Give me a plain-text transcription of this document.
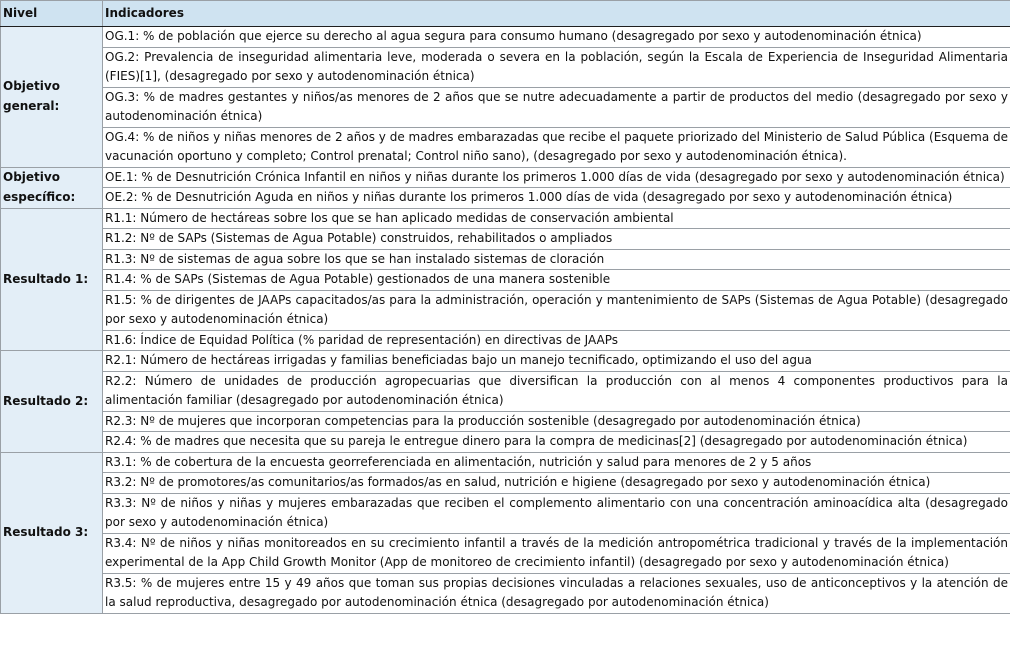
Nivel	Indicadores
Objetivo general:	OG.1: % de población que ejerce su derecho al agua segura para consumo humano (desagregado por sexo y autodenominación étnica)
	OG.2: Prevalencia de inseguridad alimentaria leve, moderada o severa en la población, según la Escala de Experiencia de Inseguridad Alimentaria (FIES)[1], (desagregado por sexo y autodenominación étnica)
	OG.3: % de madres gestantes y niños/as menores de 2 años que se nutre adecuadamente a partir de productos del medio (desagregado por sexo y autodenominación étnica)
	OG.4: % de niños y niñas menores de 2 años y de madres embarazadas que recibe el paquete priorizado del Ministerio de Salud Pública (Esquema de vacunación oportuno y completo; Control prenatal; Control niño sano), (desagregado por sexo y autodenominación étnica).
Objetivo específico:	OE.1: % de Desnutrición Crónica Infantil en niños y niñas durante los primeros 1.000 días de vida (desagregado por sexo y autodenominación étnica)
	OE.2: % de Desnutrición Aguda en niños y niñas durante los primeros 1.000 días de vida (desagregado por sexo y autodenominación étnica)
Resultado 1:	R1.1: Número de hectáreas sobre los que se han aplicado medidas de conservación ambiental
	R1.2: Nº de SAPs (Sistemas de Agua Potable) construidos, rehabilitados o ampliados
	R1.3: Nº de sistemas de agua sobre los que se han instalado sistemas de cloración
	R1.4: % de SAPs (Sistemas de Agua Potable) gestionados de una manera sostenible
	R1.5: % de dirigentes de JAAPs capacitados/as para la administración, operación y mantenimiento de SAPs (Sistemas de Agua Potable) (desagregado por sexo y autodenominación étnica)
	R1.6: Índice de Equidad Política (% paridad de representación) en directivas de JAAPs
Resultado 2:	R2.1: Número de hectáreas irrigadas y familias beneficiadas bajo un manejo tecnificado, optimizando el uso del agua
	R2.2: Número de unidades de producción agropecuarias que diversifican la producción con al menos 4 componentes productivos para la alimentación familiar (desagregado por autodenominación étnica)
	R2.3: Nº de mujeres que incorporan competencias para la producción sostenible (desagregado por autodenominación étnica)
	R2.4: % de madres que necesita que su pareja le entregue dinero para la compra de medicinas[2] (desagregado por autodenominación étnica)
Resultado 3:	R3.1: % de cobertura de la encuesta georreferenciada en alimentación, nutrición y salud para menores de 2 y 5 años
	R3.2: Nº de promotores/as comunitarios/as formados/as en salud, nutrición e higiene (desagregado por sexo y autodenominación étnica)
	R3.3: Nº de niños y niñas y mujeres embarazadas que reciben el complemento alimentario con una concentración aminoacídica alta (desagregado por sexo y autodenominación étnica)
	R3.4: Nº de niños y niñas monitoreados en su crecimiento infantil a través de la medición antropométrica tradicional y través de la implementación experimental de la App Child Growth Monitor (App de monitoreo de crecimiento infantil) (desagregado por sexo y autodenominación étnica)
	R3.5: % de mujeres entre 15 y 49 años que toman sus propias decisiones vinculadas a relaciones sexuales, uso de anticonceptivos y la atención de la salud reproductiva, desagregado por autodenominación étnica (desagregado por autodenominación étnica)
